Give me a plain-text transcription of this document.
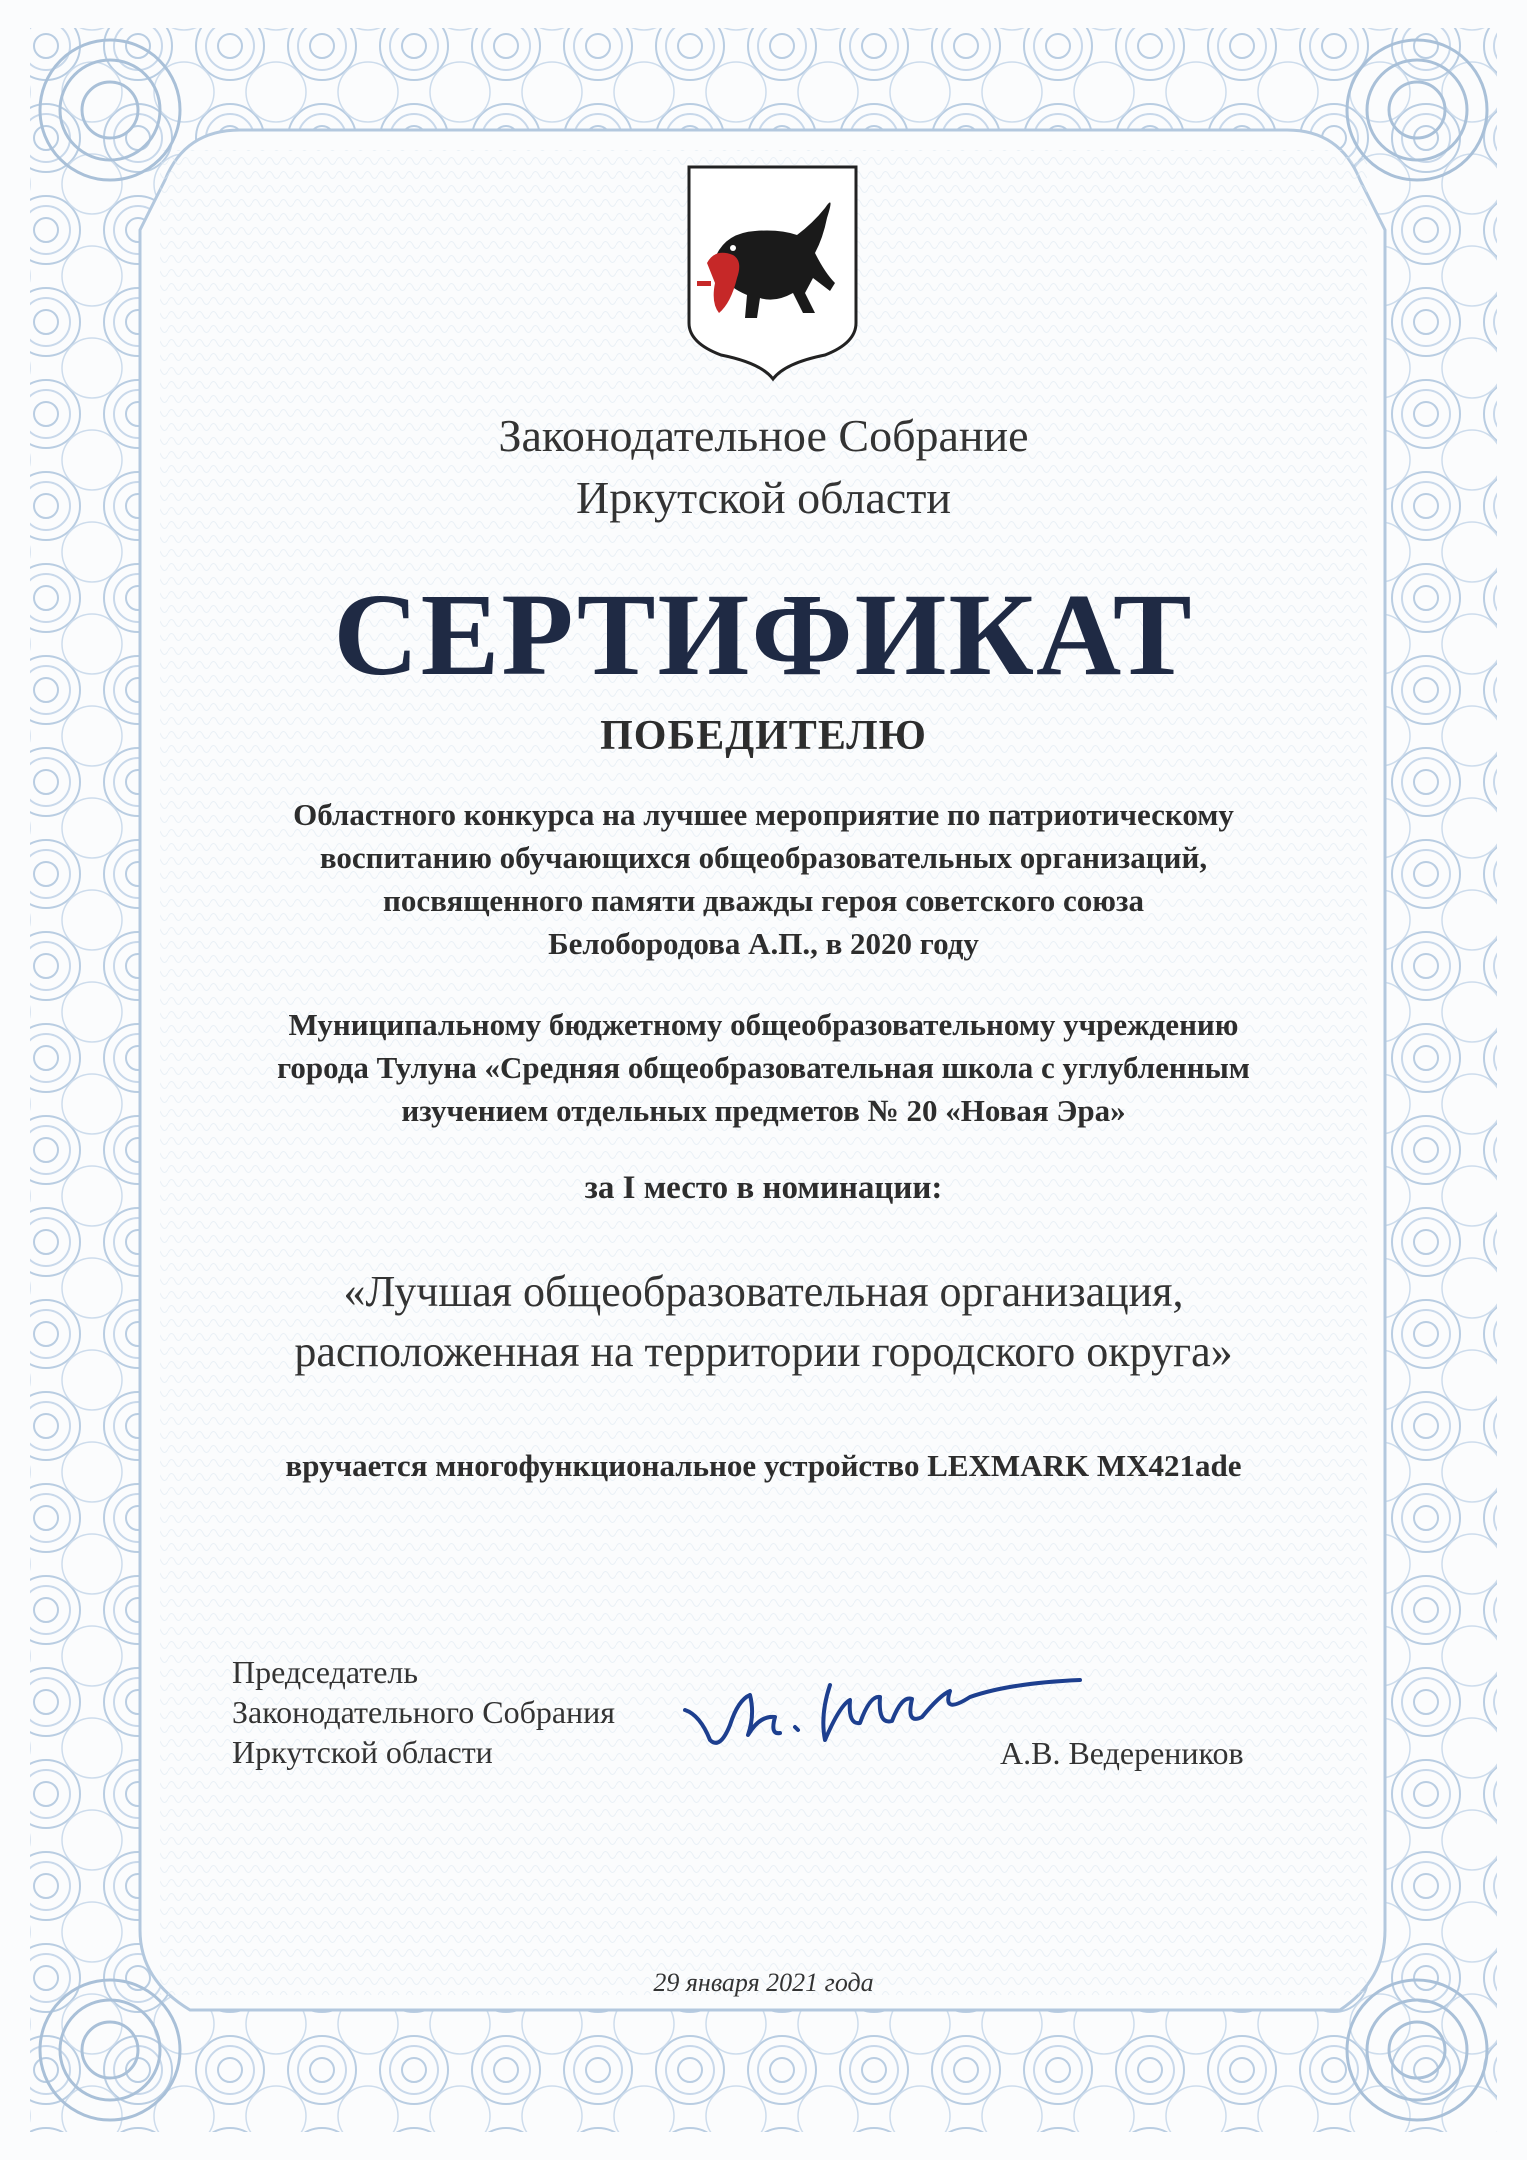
Законодательное Собрание
Иркутской области
СЕРТИФИКАТ
ПОБЕДИТЕЛЮ
Областного конкурса на лучшее мероприятие по патриотическому
воспитанию обучающихся общеобразовательных организаций,
посвященного памяти дважды героя советского союза
Белобородова А.П., в 2020 году
Муниципальному бюджетному общеобразовательному учреждению
города Тулуна «Средняя общеобразовательная школа с углубленным
изучением отдельных предметов № 20 «Новая Эра»
за I место в номинации:
«Лучшая общеобразовательная организация,
расположенная на территории городского округа»
вручается многофункциональное устройство LEXMARK MX421ade
Председатель
Законодательного Собрания
Иркутской области	А.В. Ведереников
29 января 2021 года
